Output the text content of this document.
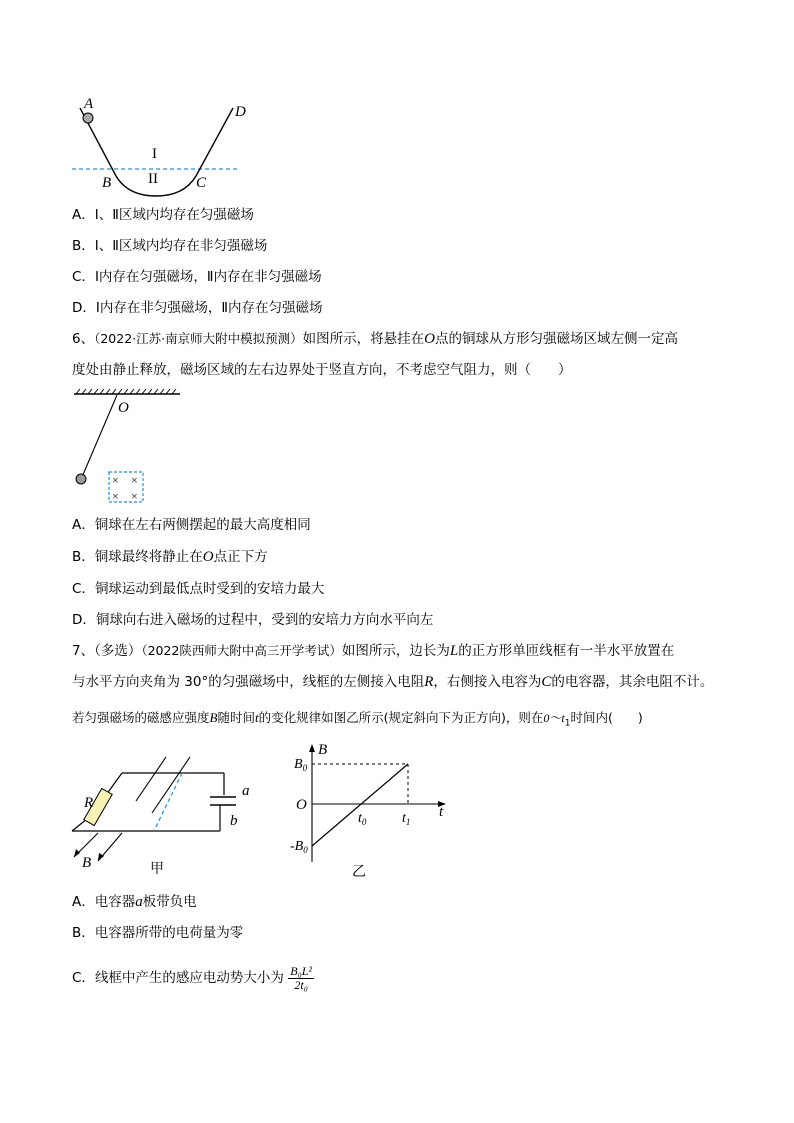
A	D
I
II
B	C
A．Ⅰ、Ⅱ区域内均存在匀强磁场
B．Ⅰ、Ⅱ区域内均存在非匀强磁场
C．Ⅰ内存在匀强磁场，Ⅱ内存在非匀强磁场
D．Ⅰ内存在非匀强磁场，Ⅱ内存在匀强磁场
6、（2022·江苏·南京师大附中模拟预测）如图所示，将悬挂在O点的铜球从方形匀强磁场区域左侧一定高
度处由静止释放，磁场区域的左右边界处于竖直方向，不考虑空气阻力，则（　　）
O
× ×
× ×
A．铜球在左右两侧摆起的最大高度相同
B．铜球最终将静止在O点正下方
C．铜球运动到最低点时受到的安培力最大
D．铜球向右进入磁场的过程中，受到的安培力方向水平向左
7、（多选）（2022陕西师大附中高三开学考试）如图所示，边长为L的正方形单匝线框有一半水平放置在
与水平方向夹角为 30°的匀强磁场中，线框的左侧接入电阻R，右侧接入电容为C的电容器，其余电阻不计。
若匀强磁场的磁感应强度B随时间t的变化规律如图乙所示(规定斜向下为正方向)，则在$0\sim t_1$时间内(　　)
a
b
R
B	甲
B
t
O
$B_0$
$-B_0$
$t_0$	$t_1$
乙
A．电容器a板带负电
B．电容器所带的电荷量为零
C．线框中产生的感应电动势大小为 $\frac{\text{B₀L²}}{\text{2t₀}}$
